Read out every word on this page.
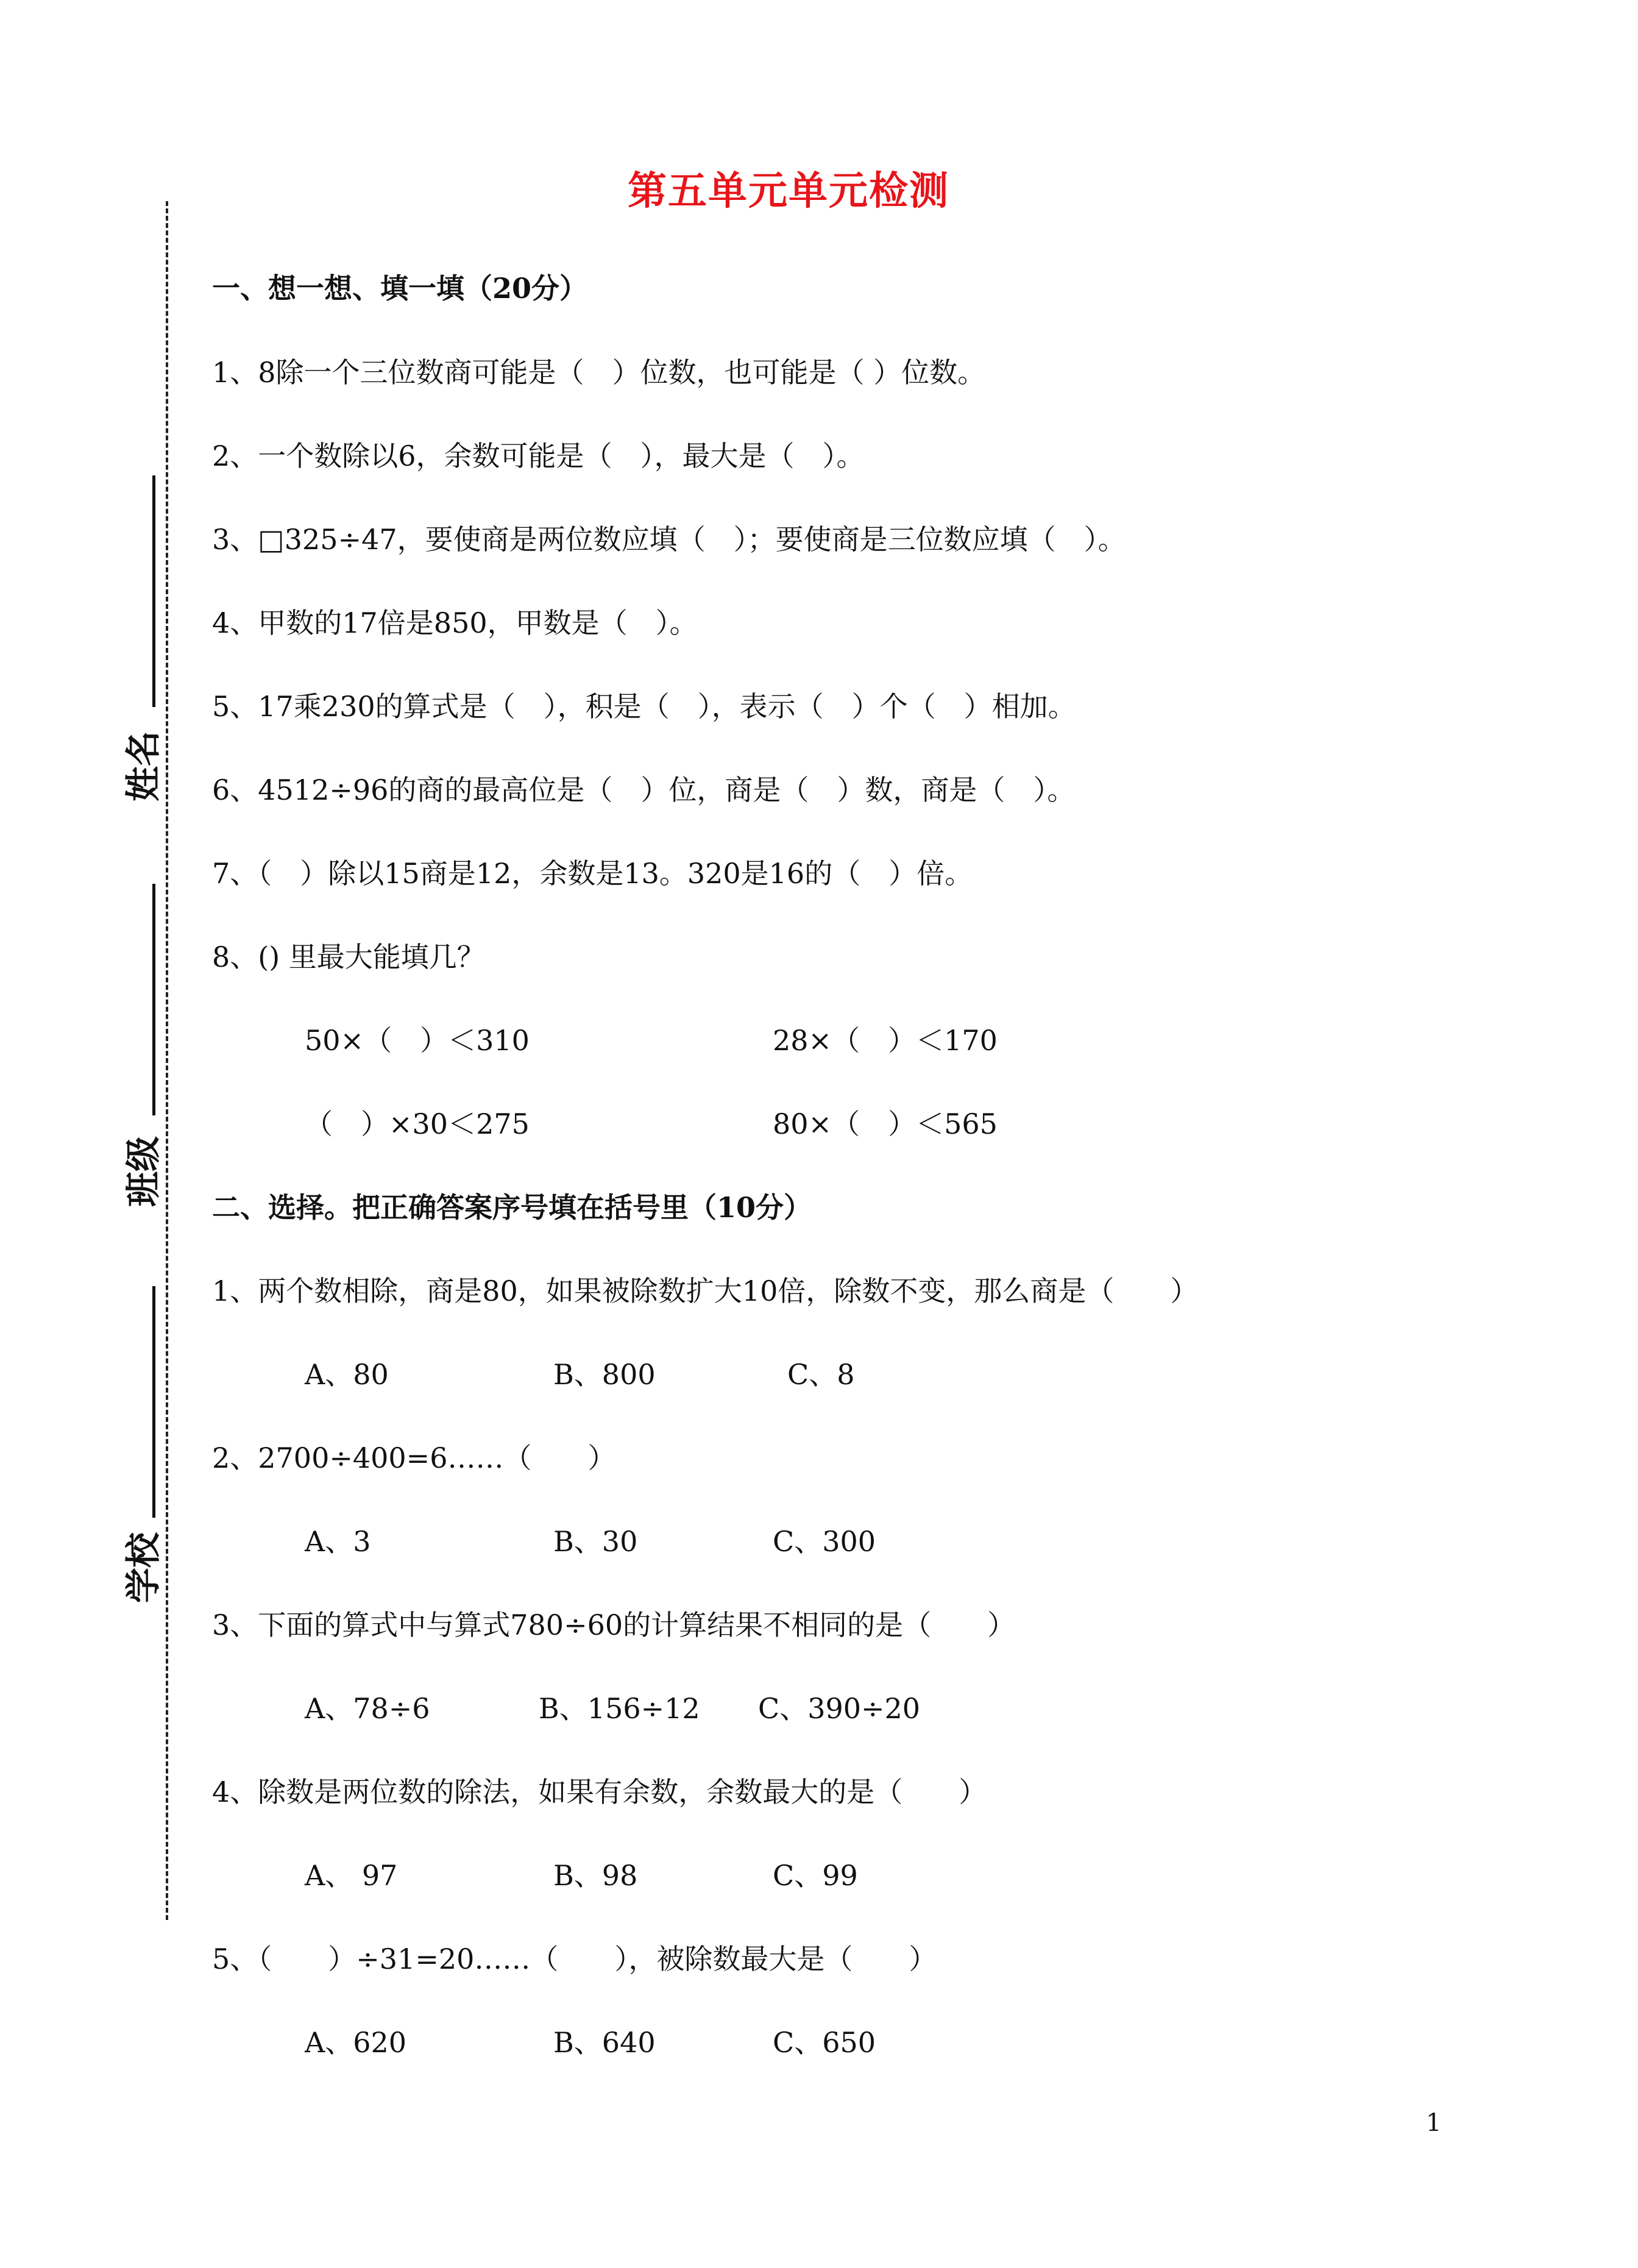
姓名
班级
学校
第五单元单元检测
一、想一想、填一填（20分）
1、8除一个三位数商可能是（　）位数，也可能是（ ）位数。
2、一个数除以6，余数可能是（　），最大是（　）。
3、□325÷47，要使商是两位数应填（　）；要使商是三位数应填（　）。
4、甲数的17倍是850，甲数是（　）。
5、17乘230的算式是（　），积是（　），表示（　）个（　）相加。
6、4512÷96的商的最高位是（　）位，商是（　）数，商是（　）。
7、（　）除以15商是12，余数是13。320是16的（　）倍。
8、() 里最大能填几？
50×（　）＜310	28×（　）＜170
（　）×30＜275	80×（　）＜565
二、选择。把正确答案序号填在括号里（10分）
1、两个数相除，商是80，如果被除数扩大10倍，除数不变，那么商是（　　）
A、80	B、800	C、8
2、2700÷400=6……（　　）
A、3	B、30	C、300
3、下面的算式中与算式780÷60的计算结果不相同的是（　　）
A、78÷6	B、156÷12 C、390÷20
4、除数是两位数的除法，如果有余数，余数最大的是（　　）
A、 97	B、98	C、99
5、（　　）÷31=20……（　　），被除数最大是（　　）
A、620	B、640	C、650
1
